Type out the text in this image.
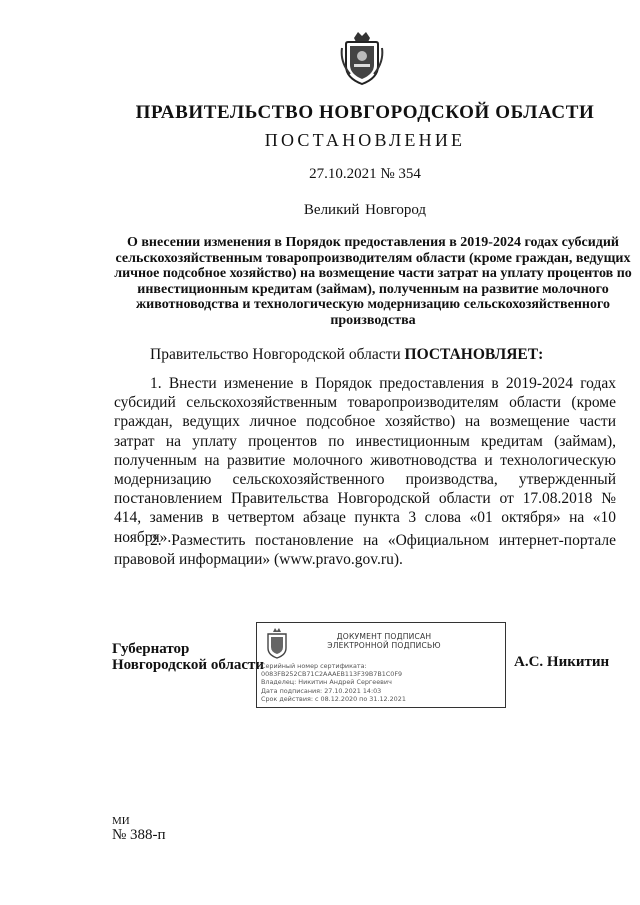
ПРАВИТЕЛЬСТВО НОВГОРОДСКОЙ ОБЛАСТИ
ПОСТАНОВЛЕНИЕ
27.10.2021 № 354
Великий Новгород
О внесении изменения в Порядок предоставления в 2019-2024 годах субсидий сельскохозяйственным товаропроизводителям области (кроме граждан, ведущих личное подсобное хозяйство) на возмещение части затрат на уплату процентов по инвестиционным кредитам (займам), полученным на развитие молочного животноводства и технологическую модернизацию сельскохозяйственного производства
Правительство Новгородской области ПОСТАНОВЛЯЕТ:
1. Внести изменение в Порядок предоставления в 2019-2024 годах субсидий сельскохозяйственным товаропроизводителям области (кроме граждан, ведущих личное подсобное хозяйство) на возмещение части затрат на уплату процентов по инвестиционным кредитам (займам), полученным на развитие молочного животноводства и технологическую модернизацию сельскохозяйственного производства, утвержденный постановлением Правительства Новгородской области от 17.08.2018 № 414, заменив в четвертом абзаце пункта 3 слова «01 октября» на «10 ноября».
2. Разместить постановление на «Официальном интернет-портале правовой информации» (www.pravo.gov.ru).
Губернатор
Новгородской области
ДОКУМЕНТ ПОДПИСАН
ЭЛЕКТРОННОЙ ПОДПИСЬЮ
Серийный номер сертификата:
0083FB252CB71C2AAAEB113F39B7B1C0F9
Владелец: Никитин Андрей Сергеевич
Дата подписания: 27.10.2021 14:03
Срок действия: с 08.12.2020 по 31.12.2021
А.С. Никитин
МИ
№ 388-п
